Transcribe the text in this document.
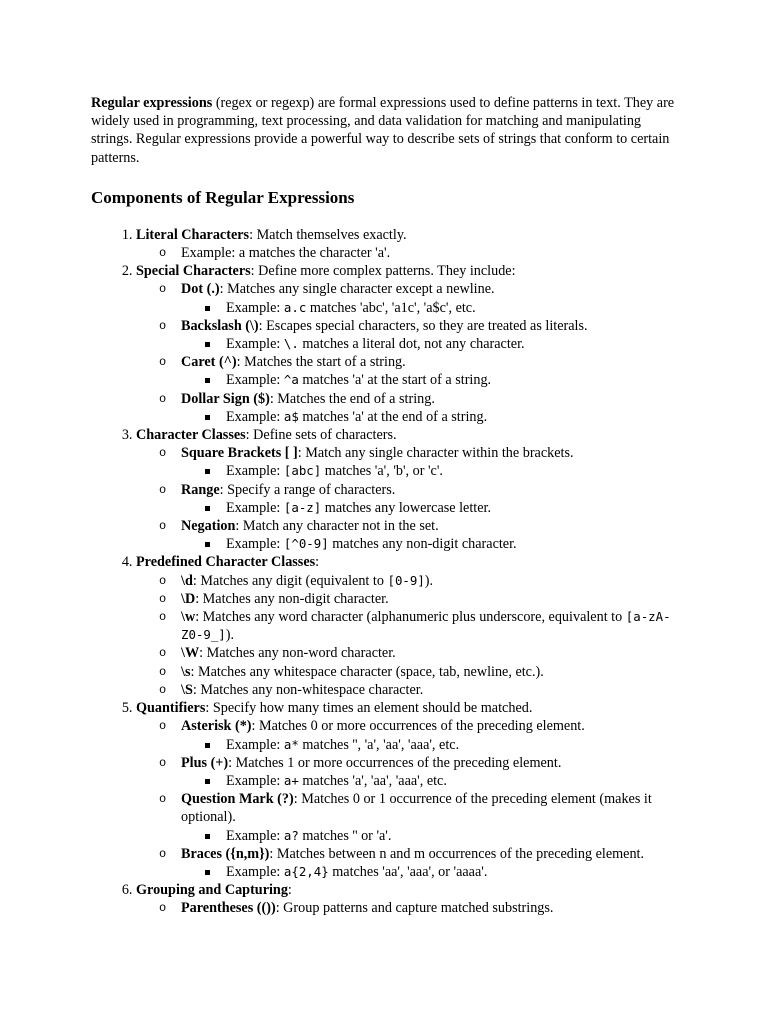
Regular expressions (regex or regexp) are formal expressions used to define patterns in text. They are widely used in programming, text processing, and data validation for matching and manipulating strings. Regular expressions provide a powerful way to describe sets of strings that conform to certain patterns.

Components of Regular Expressions
1. Literal Characters: Match themselves exactly.
o Example: a matches the character 'a'.
2. Special Characters: Define more complex patterns. They include:
o Dot (.): Matches any single character except a newline.
Example: a.c matches 'abc', 'a1c', 'a$c', etc.
o Backslash (\): Escapes special characters, so they are treated as literals.
Example: \. matches a literal dot, not any character.
o Caret (^): Matches the start of a string.
Example: ^a matches 'a' at the start of a string.
o Dollar Sign ($): Matches the end of a string.
Example: a$ matches 'a' at the end of a string.
3. Character Classes: Define sets of characters.
o Square Brackets [ ]: Match any single character within the brackets.
Example: [abc] matches 'a', 'b', or 'c'.
o Range: Specify a range of characters.
Example: [a-z] matches any lowercase letter.
o Negation: Match any character not in the set.
Example: [^0-9] matches any non-digit character.
4. Predefined Character Classes:
o \d: Matches any digit (equivalent to [0-9]).
o \D: Matches any non-digit character.
o \w: Matches any word character (alphanumeric plus underscore, equivalent to [a-zA-Z0-9_]).
o \W: Matches any non-word character.
o \s: Matches any whitespace character (space, tab, newline, etc.).
o \S: Matches any non-whitespace character.
5. Quantifiers: Specify how many times an element should be matched.
o Asterisk (*): Matches 0 or more occurrences of the preceding element.
Example: a* matches '', 'a', 'aa', 'aaa', etc.
o Plus (+): Matches 1 or more occurrences of the preceding element.
Example: a+ matches 'a', 'aa', 'aaa', etc.
o Question Mark (?): Matches 0 or 1 occurrence of the preceding element (makes it optional).
Example: a? matches '' or 'a'.
o Braces ({n,m}): Matches between n and m occurrences of the preceding element.
Example: a{2,4} matches 'aa', 'aaa', or 'aaaa'.
6. Grouping and Capturing:
o Parentheses (()): Group patterns and capture matched substrings.
